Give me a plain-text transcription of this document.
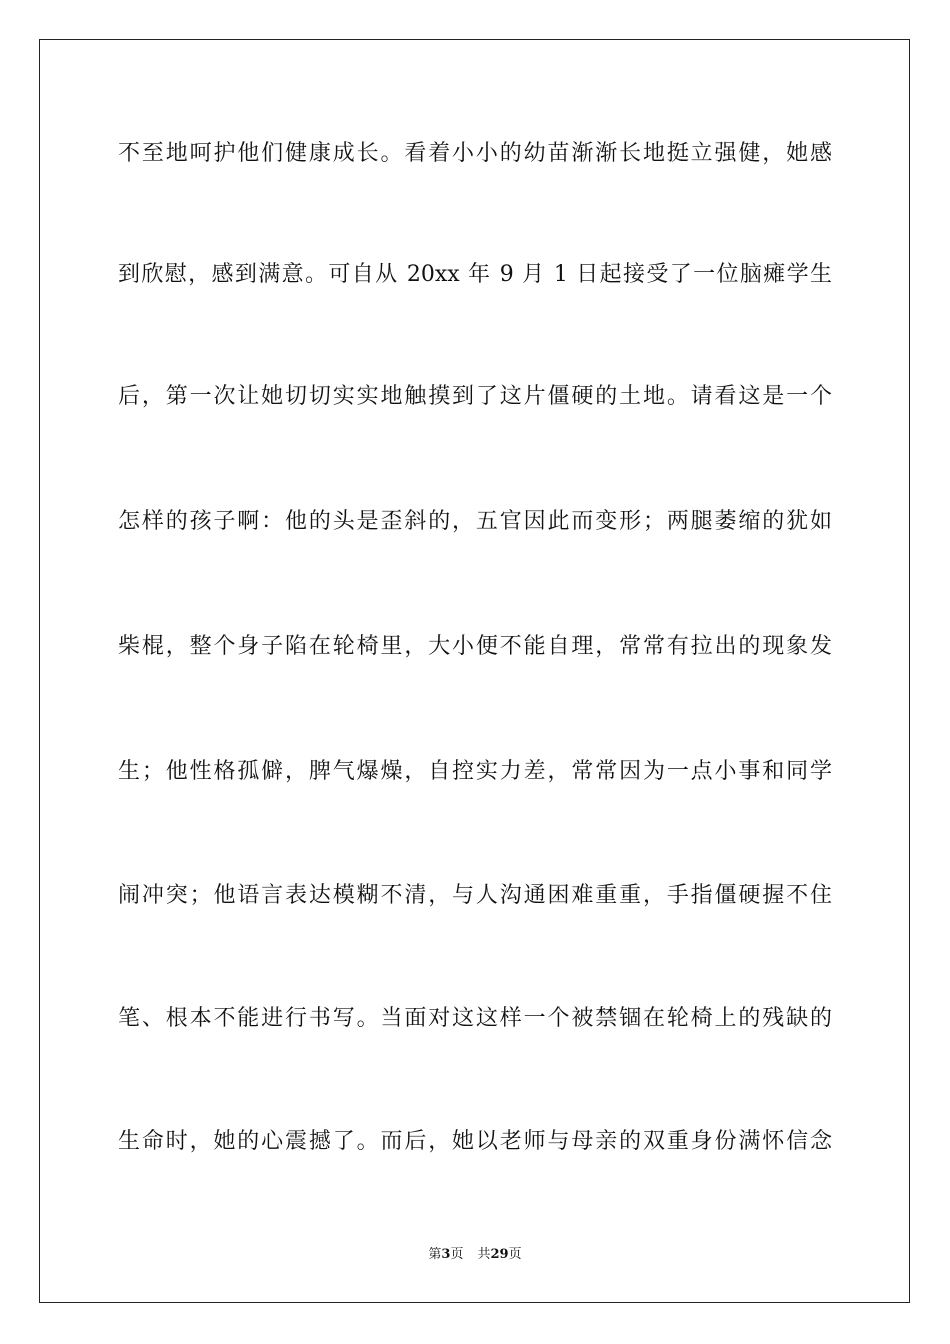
不至地呵护他们健康成长。看着小小的幼苗渐渐长地挺立强健，她感
到欣慰，感到满意。可自从 20xx 年 9 月 1 日起接受了一位脑瘫学生
后，第一次让她切切实实地触摸到了这片僵硬的土地。请看这是一个
怎样的孩子啊：他的头是歪斜的，五官因此而变形；两腿萎缩的犹如
柴棍，整个身子陷在轮椅里，大小便不能自理，常常有拉出的现象发
生；他性格孤僻，脾气爆燥，自控实力差，常常因为一点小事和同学
闹冲突；他语言表达模糊不清，与人沟通困难重重，手指僵硬握不住
笔、根本不能进行书写。当面对这这样一个被禁锢在轮椅上的残缺的
生命时，她的心震撼了。而后，她以老师与母亲的双重身份满怀信念
第3页 共29页
